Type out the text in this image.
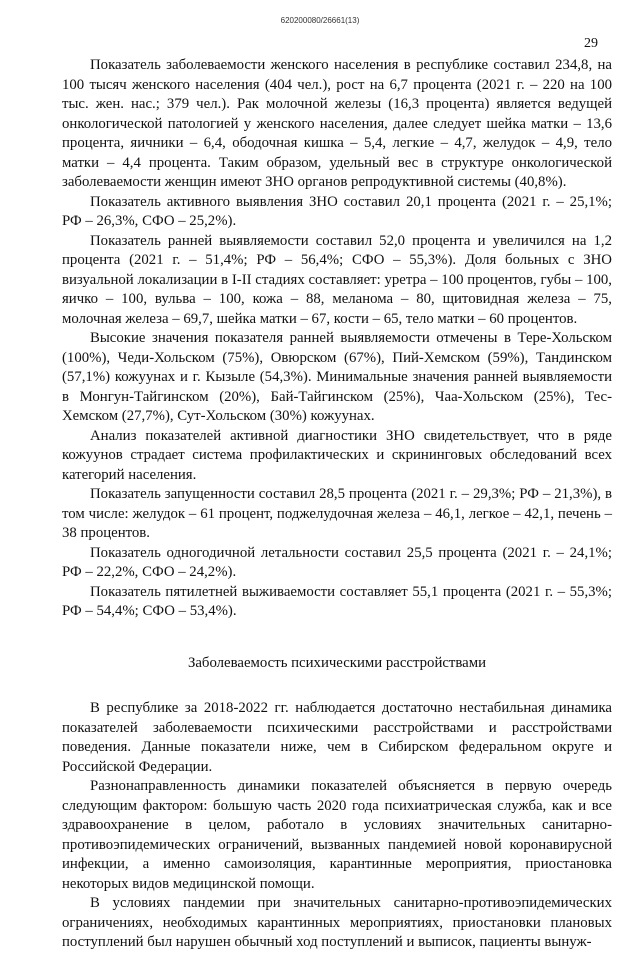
620200080/26661(13)
29

Показатель заболеваемости женского населения в республике составил 234,8, на 100 тысяч женского населения (404 чел.), рост на 6,7 процента (2021 г. – 220 на 100 тыс. жен. нас.; 379 чел.). Рак молочной железы (16,3 процента) является ведущей онкологической патологией у женского населения, далее следует шейка матки – 13,6 процента, яичники – 6,4, ободочная кишка – 5,4, легкие – 4,7, желудок – 4,9, тело матки – 4,4 процента. Таким образом, удельный вес в структуре онкологической заболеваемости женщин имеют ЗНО органов репродуктивной системы (40,8%).

Показатель активного выявления ЗНО составил 20,1 процента (2021 г. – 25,1%; РФ – 26,3%, СФО – 25,2%).

Показатель ранней выявляемости составил 52,0 процента и увеличился на 1,2 процента (2021 г. – 51,4%; РФ – 56,4%; СФО – 55,3%). Доля больных с ЗНО визуальной локализации в I-II стадиях составляет: уретра – 100 процентов, губы – 100, яичко – 100, вульва – 100, кожа – 88, меланома – 80, щитовидная железа – 75, молочная железа – 69,7, шейка матки – 67, кости – 65, тело матки – 60 процентов.

Высокие значения показателя ранней выявляемости отмечены в Тере-Хольском (100%), Чеди-Хольском (75%), Овюрском (67%), Пий-Хемском (59%), Тандинском (57,1%) кожуунах и г. Кызыле (54,3%). Минимальные значения ранней выявляемости в Монгун-Тайгинском (20%), Бай-Тайгинском (25%), Чаа-Хольском (25%), Тес-Хемском (27,7%), Сут-Хольском (30%) кожуунах.

Анализ показателей активной диагностики ЗНО свидетельствует, что в ряде кожуунов страдает система профилактических и скрининговых обследований всех категорий населения.

Показатель запущенности составил 28,5 процента (2021 г. – 29,3%; РФ – 21,3%), в том числе: желудок – 61 процент, поджелудочная железа – 46,1, легкое – 42,1, печень – 38 процентов.

Показатель одногодичной летальности составил 25,5 процента (2021 г. – 24,1%; РФ – 22,2%, СФО – 24,2%).

Показатель пятилетней выживаемости составляет 55,1 процента (2021 г. – 55,3%; РФ – 54,4%; СФО – 53,4%).

Заболеваемость психическими расстройствами

В республике за 2018-2022 гг. наблюдается достаточно нестабильная динамика показателей заболеваемости психическими расстройствами и расстройствами поведения. Данные показатели ниже, чем в Сибирском федеральном округе и Российской Федерации.

Разнонаправленность динамики показателей объясняется в первую очередь следующим фактором: большую часть 2020 года психиатрическая служба, как и все здравоохранение в целом, работало в условиях значительных санитарно-противоэпидемических ограничений, вызванных пандемией новой коронавирусной инфекции, а именно самоизоляция, карантинные мероприятия, приостановка некоторых видов медицинской помощи.

В условиях пандемии при значительных санитарно-противоэпидемических ограничениях, необходимых карантинных мероприятиях, приостановки плановых поступлений был нарушен обычный ход поступлений и выписок, пациенты вынуж-
